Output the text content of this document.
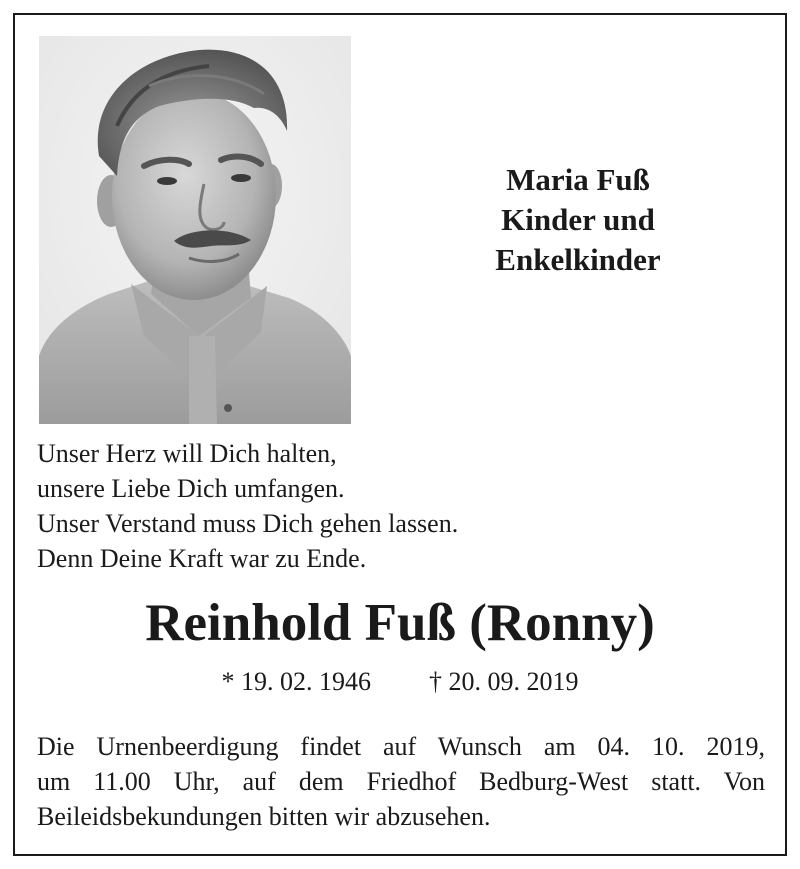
Maria Fuß
Kinder und
Enkelkinder
Unser Herz will Dich halten,
unsere Liebe Dich umfangen.
Unser Verstand muss Dich gehen lassen.
Denn Deine Kraft war zu Ende.
Reinhold Fuß (Ronny)
* 19. 02. 1946 † 20. 09. 2019
Die Urnenbeerdigung findet auf Wunsch am 04. 10. 2019,
um 11.00 Uhr, auf dem Friedhof Bedburg-West statt. Von
Beileidsbekundungen bitten wir abzusehen.
